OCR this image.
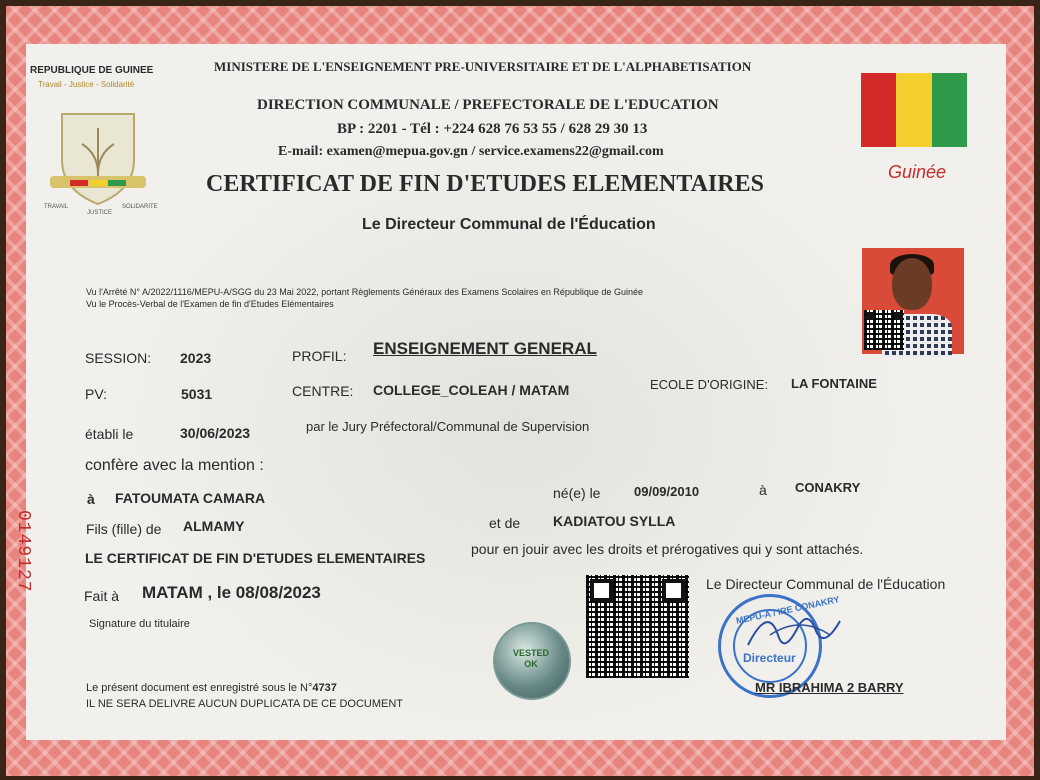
REPUBLIQUE DE GUINEE
Travail - Justice - Solidarité
TRAVAIL
JUSTICE
SOLIDARITE
MINISTERE DE L'ENSEIGNEMENT PRE-UNIVERSITAIRE ET DE L'ALPHABETISATION
DIRECTION COMMUNALE / PREFECTORALE DE L'EDUCATION
BP : 2201 - Tél : +224 628 76 53 55 / 628 29 30 13
E-mail: examen@mepua.gov.gn / service.examens22@gmail.com
CERTIFICAT DE FIN D'ETUDES ELEMENTAIRES
Le Directeur Communal de l'Éducation
Guinée
Vu l'Arrêté N° A/2022/1116/MEPU-A/SGG du 23 Mai 2022, portant Règlements Généraux des Examens Scolaires en République de Guinée
Vu le Procès-Verbal de l'Examen de fin d'Etudes Elémentaires
SESSION: 2023	PROFIL: ENSEIGNEMENT GENERAL
PV:	5031	CENTRE: COLLEGE_COLEAH / MATAM	ECOLE D'ORIGINE: LA FONTAINE
établi le	30/06/2023	par le Jury Préfectoral/Communal de Supervision
confère avec la mention :
à FATOUMATA CAMARA	né(e) le	09/09/2010	à CONAKRY
Fils (fille) de ALMAMY	et de KADIATOU SYLLA
LE CERTIFICAT DE FIN D'ETUDES ELEMENTAIRES
pour en jouir avec les droits et prérogatives qui y sont attachés.
Fait à MATAM , le 08/08/2023
Signature du titulaire
Le Directeur Communal de l'Éducation
MEPU-A / IRE CONAKRY
Directeur
MR IBRAHIMA 2 BARRY
VESTED OK
Le présent document est enregistré sous le N°4737
IL NE SERA DELIVRE AUCUN DUPLICATA DE CE DOCUMENT
0149127
